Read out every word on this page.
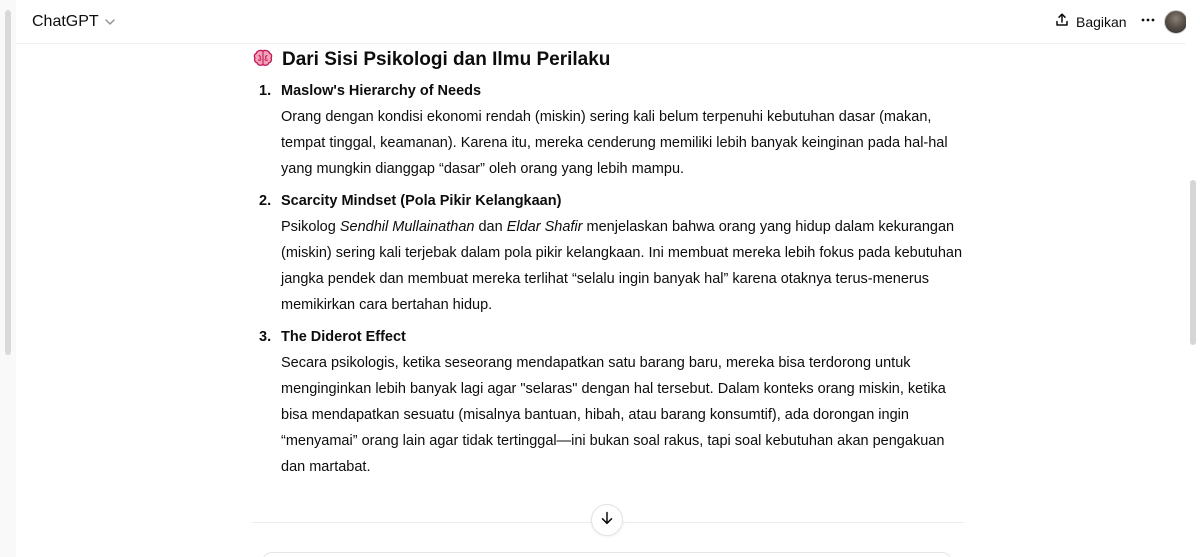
ChatGPT	Bagikan
Dari Sisi Psikologi dan Ilmu Perilaku
1. Maslow's Hierarchy of Needs
Orang dengan kondisi ekonomi rendah (miskin) sering kali belum terpenuhi kebutuhan dasar (makan, tempat tinggal, keamanan). Karena itu, mereka cenderung memiliki lebih banyak keinginan pada hal-hal yang mungkin dianggap “dasar” oleh orang yang lebih mampu.
2. Scarcity Mindset (Pola Pikir Kelangkaan)
Psikolog Sendhil Mullainathan dan Eldar Shafir menjelaskan bahwa orang yang hidup dalam kekurangan (miskin) sering kali terjebak dalam pola pikir kelangkaan. Ini membuat mereka lebih fokus pada kebutuhan jangka pendek dan membuat mereka terlihat “selalu ingin banyak hal” karena otaknya terus-menerus memikirkan cara bertahan hidup.
3. The Diderot Effect
Secara psikologis, ketika seseorang mendapatkan satu barang baru, mereka bisa terdorong untuk menginginkan lebih banyak lagi agar "selaras" dengan hal tersebut. Dalam konteks orang miskin, ketika bisa mendapatkan sesuatu (misalnya bantuan, hibah, atau barang konsumtif), ada dorongan ingin “menyamai” orang lain agar tidak tertinggal—ini bukan soal rakus, tapi soal kebutuhan akan pengakuan dan martabat.
